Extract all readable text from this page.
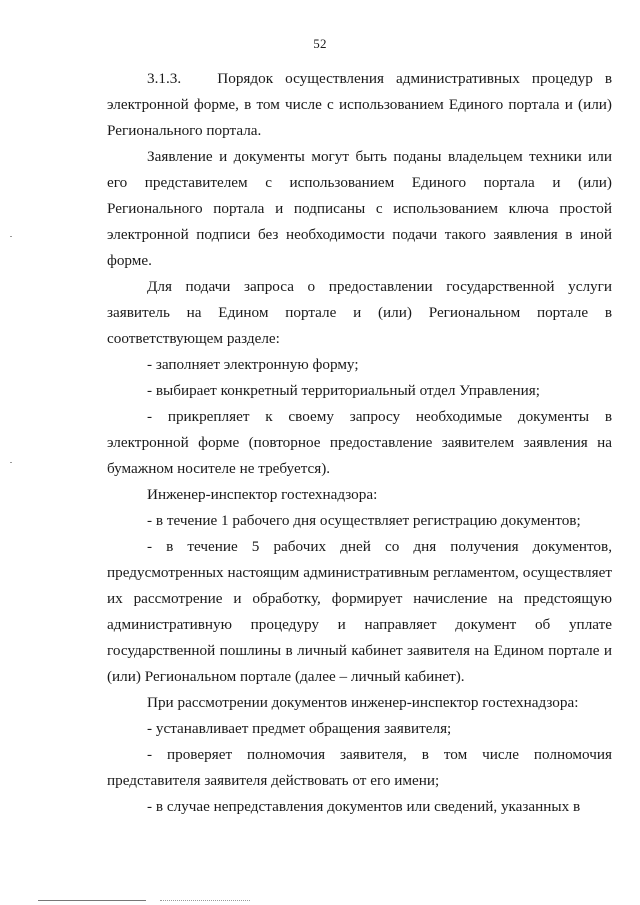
52

3.1.3.   Порядок осуществления административных процедур в электронной форме, в том числе с использованием Единого портала и (или) Регионального портала.

Заявление и документы могут быть поданы владельцем техники или его представителем с использованием Единого портала и (или) Регионального портала и подписаны с использованием ключа простой электронной подписи без необходимости подачи такого заявления в иной форме.

Для подачи запроса о предоставлении государственной услуги заявитель на Едином портале и (или) Региональном портале в соответствующем разделе:

- заполняет электронную форму;

- выбирает конкретный территориальный отдел Управления;

- прикрепляет к своему запросу необходимые документы в электронной форме (повторное предоставление заявителем заявления на бумажном носителе не требуется).

Инженер-инспектор гостехнадзора:

- в течение 1 рабочего дня осуществляет регистрацию документов;

- в течение 5 рабочих дней со дня получения документов, предусмотренных настоящим административным регламентом, осуществляет их рассмотрение и обработку, формирует начисление на предстоящую административную процедуру и направляет документ об уплате государственной пошлины в личный кабинет заявителя на Едином портале и (или) Региональном портале (далее – личный кабинет).

При рассмотрении документов инженер-инспектор гостехнадзора:

- устанавливает предмет обращения заявителя;

- проверяет полномочия заявителя, в том числе полномочия представителя заявителя действовать от его имени;

- в случае непредставления документов или сведений, указанных в
